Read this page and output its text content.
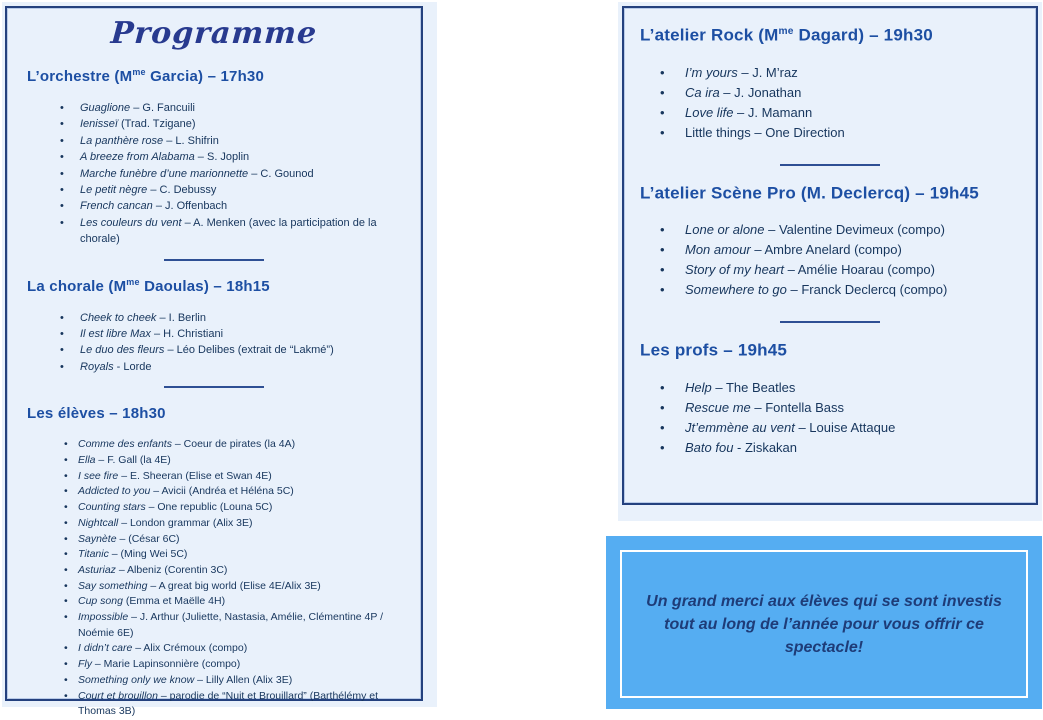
Programme
L’orchestre ($M^{me}$ Garcia) – 17h30
• Guaglione – G. Fancuili
• Ienisseï (Trad. Tzigane)
• La panthère rose – L. Shifrin
• A breeze from Alabama – S. Joplin
• Marche funèbre d’une marionnette – C. Gounod
• Le petit nègre – C. Debussy
• French cancan – J. Offenbach
• Les couleurs du vent – A. Menken (avec la participation de la chorale)
La chorale ($M^{me}$ Daoulas) – 18h15
• Cheek to cheek – I. Berlin
• Il est libre Max – H. Christiani
• Le duo des fleurs – Léo Delibes (extrait de “Lakmé”)
• Royals - Lorde
Les élèves – 18h30
• Comme des enfants – Coeur de pirates (la 4A)
• Ella – F. Gall (la 4E)
• I see fire – E. Sheeran (Elise et Swan 4E)
• Addicted to you – Avicii (Andréa et Héléna 5C)
• Counting stars – One republic (Louna 5C)
• Nightcall – London grammar (Alix 3E)
• Saynète – (César 6C)
• Titanic – (Ming Wei 5C)
• Asturiaz – Albeniz (Corentin 3C)
• Say something – A great big world (Elise 4E/Alix 3E)
• Cup song (Emma et Maëlle 4H)
• Impossible – J. Arthur (Juliette, Nastasia, Amélie, Clémentine 4P / Noémie 6E)
• I didn’t care – Alix Crémoux (compo)
• Fly – Marie Lapinsonnière (compo)
• Something only we know – Lilly Allen (Alix 3E)
• Court et brouillon – parodie de “Nuit et Brouillard” (Barthélémy et Thomas 3B)
L’atelier Rock ($M^{me}$ Dagard) – 19h30
• I’m yours – J. M’raz
• Ca ira – J. Jonathan
• Love life – J. Mamann
• Little things – One Direction
L’atelier Scène Pro (M. Declercq) – 19h45
• Lone or alone – Valentine Devimeux (compo)
• Mon amour – Ambre Anelard (compo)
• Story of my heart – Amélie Hoarau (compo)
• Somewhere to go – Franck Declercq (compo)
Les profs – 19h45
• Help – The Beatles
• Rescue me – Fontella Bass
• Jt’emmène au vent – Louise Attaque
• Bato fou - Ziskakan

Un grand merci aux élèves qui se sont investis tout au long de l’année pour vous offrir ce spectacle!
